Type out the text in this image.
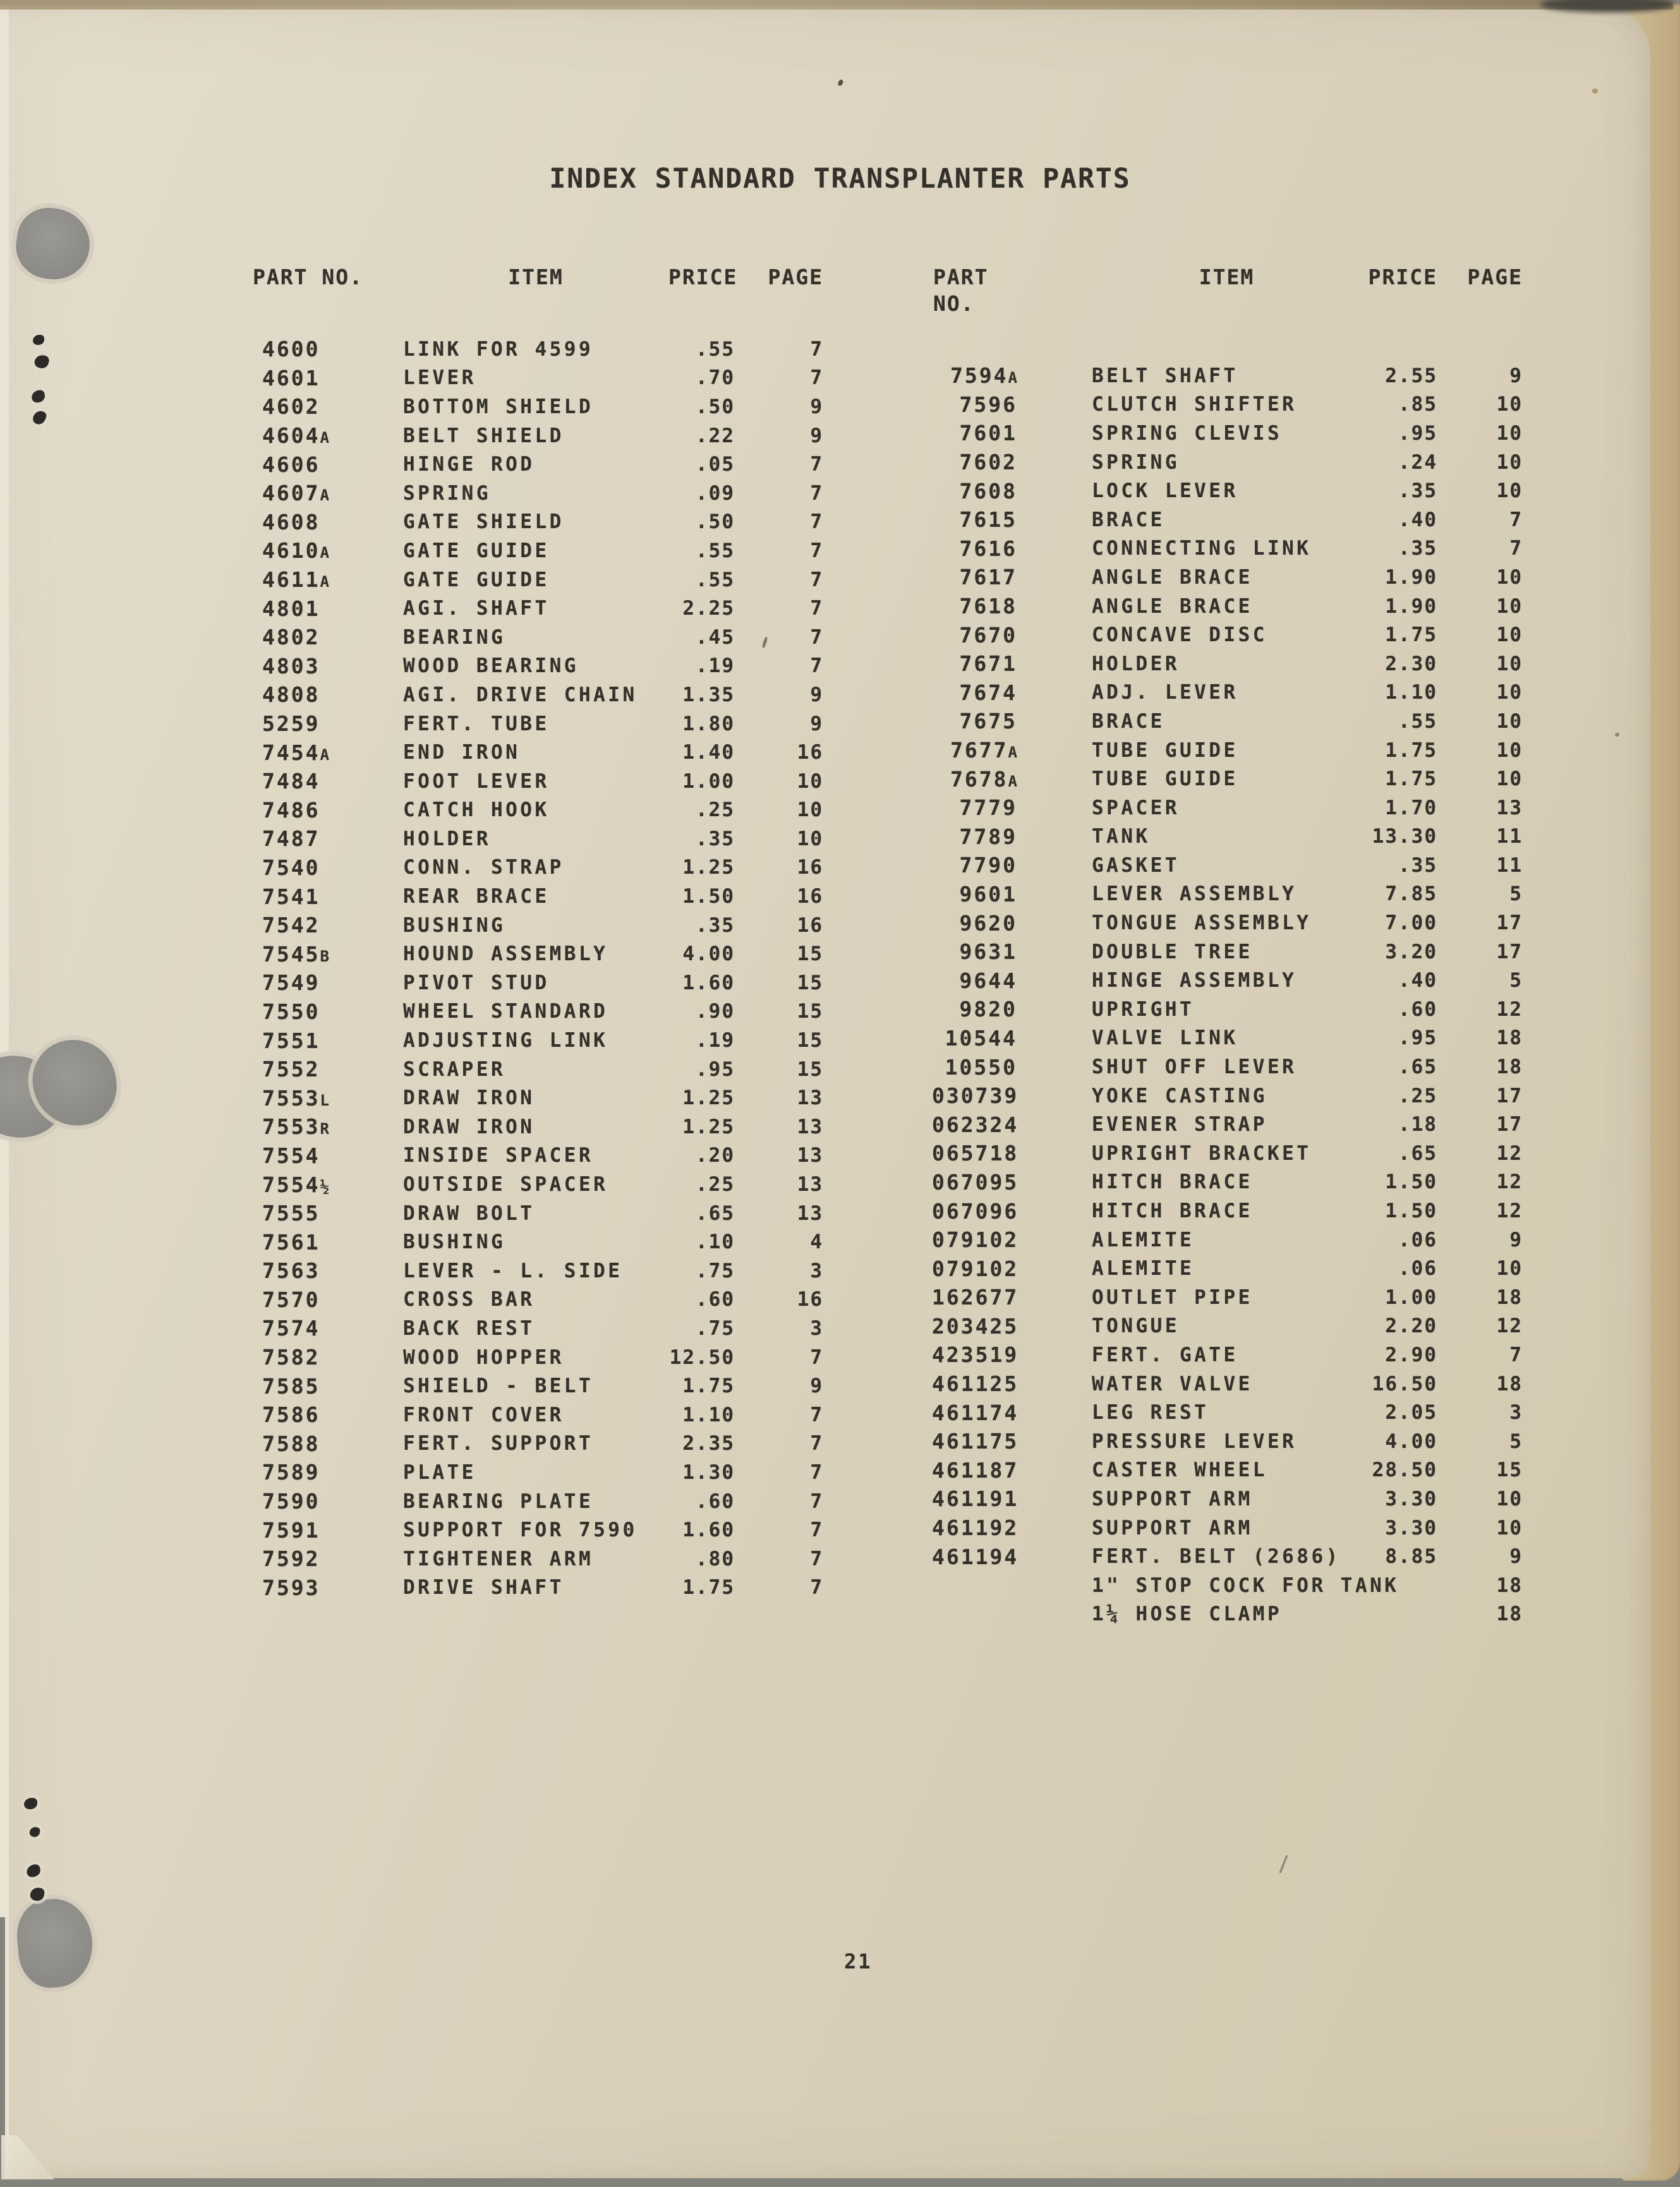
INDEX STANDARD TRANSPLANTER PARTS
PART NO.	ITEM	PRICE	PAGE
4600	LINK FOR 4599	.55	7
4601	LEVER	.70	7
4602	BOTTOM SHIELD	.50	9
4604A	BELT SHIELD	.22	9
4606	HINGE ROD	.05	7
4607A	SPRING	.09	7
4608	GATE SHIELD	.50	7
4610A	GATE GUIDE	.55	7
4611A	GATE GUIDE	.55	7
4801	AGI. SHAFT	2.25	7
4802	BEARING	.45	7
4803	WOOD BEARING	.19	7
4808	AGI. DRIVE CHAIN	1.35	9
5259	FERT. TUBE	1.80	9
7454A	END IRON	1.40	16
7484	FOOT LEVER	1.00	10
7486	CATCH HOOK	.25	10
7487	HOLDER	.35	10
7540	CONN. STRAP	1.25	16
7541	REAR BRACE	1.50	16
7542	BUSHING	.35	16
7545B	HOUND ASSEMBLY	4.00	15
7549	PIVOT STUD	1.60	15
7550	WHEEL STANDARD	.90	15
7551	ADJUSTING LINK	.19	15
7552	SCRAPER	.95	15
7553L	DRAW IRON	1.25	13
7553R	DRAW IRON	1.25	13
7554	INSIDE SPACER	.20	13
7554½	OUTSIDE SPACER	.25	13
7555	DRAW BOLT	.65	13
7561	BUSHING	.10	4
7563	LEVER - L. SIDE	.75	3
7570	CROSS BAR	.60	16
7574	BACK REST	.75	3
7582	WOOD HOPPER	12.50	7
7585	SHIELD - BELT	1.75	9
7586	FRONT COVER	1.10	7
7588	FERT. SUPPORT	2.35	7
7589	PLATE	1.30	7
7590	BEARING PLATE	.60	7
7591	SUPPORT FOR 7590	1.60	7
7592	TIGHTENER ARM	.80	7
7593	DRIVE SHAFT	1.75	7
PART NO.
ITEM	PRICE	PAGE
7594A	BELT SHAFT	2.55	9
7596	CLUTCH SHIFTER	.85	10
7601	SPRING CLEVIS	.95	10
7602	SPRING	.24	10
7608	LOCK LEVER	.35	10
7615	BRACE	.40	7
7616	CONNECTING LINK	.35	7
7617	ANGLE BRACE	1.90	10
7618	ANGLE BRACE	1.90	10
7670	CONCAVE DISC	1.75	10
7671	HOLDER	2.30	10
7674	ADJ. LEVER	1.10	10
7675	BRACE	.55	10
7677A	TUBE GUIDE	1.75	10
7678A	TUBE GUIDE	1.75	10
7779	SPACER	1.70	13
7789	TANK	13.30	11
7790	GASKET	.35	11
9601	LEVER ASSEMBLY	7.85	5
9620	TONGUE ASSEMBLY	7.00	17
9631	DOUBLE TREE	3.20	17
9644	HINGE ASSEMBLY	.40	5
9820	UPRIGHT	.60	12
10544	VALVE LINK	.95	18
10550	SHUT OFF LEVER	.65	18
030739	YOKE CASTING	.25	17
062324	EVENER STRAP	.18	17
065718	UPRIGHT BRACKET	.65	12
067095	HITCH BRACE	1.50	12
067096	HITCH BRACE	1.50	12
079102	ALEMITE	.06	9
079102	ALEMITE	.06	10
162677	OUTLET PIPE	1.00	18
203425	TONGUE	2.20	12
423519	FERT. GATE	2.90	7
461125	WATER VALVE	16.50	18
461174	LEG REST	2.05	3
461175	PRESSURE LEVER	4.00	5
461187	CASTER WHEEL	28.50	15
461191	SUPPORT ARM	3.30	10
461192	SUPPORT ARM	3.30	10
461194	FERT. BELT (2686)	8.85	9
1" STOP COCK FOR TANK	18
1¼ HOSE CLAMP	18
21
